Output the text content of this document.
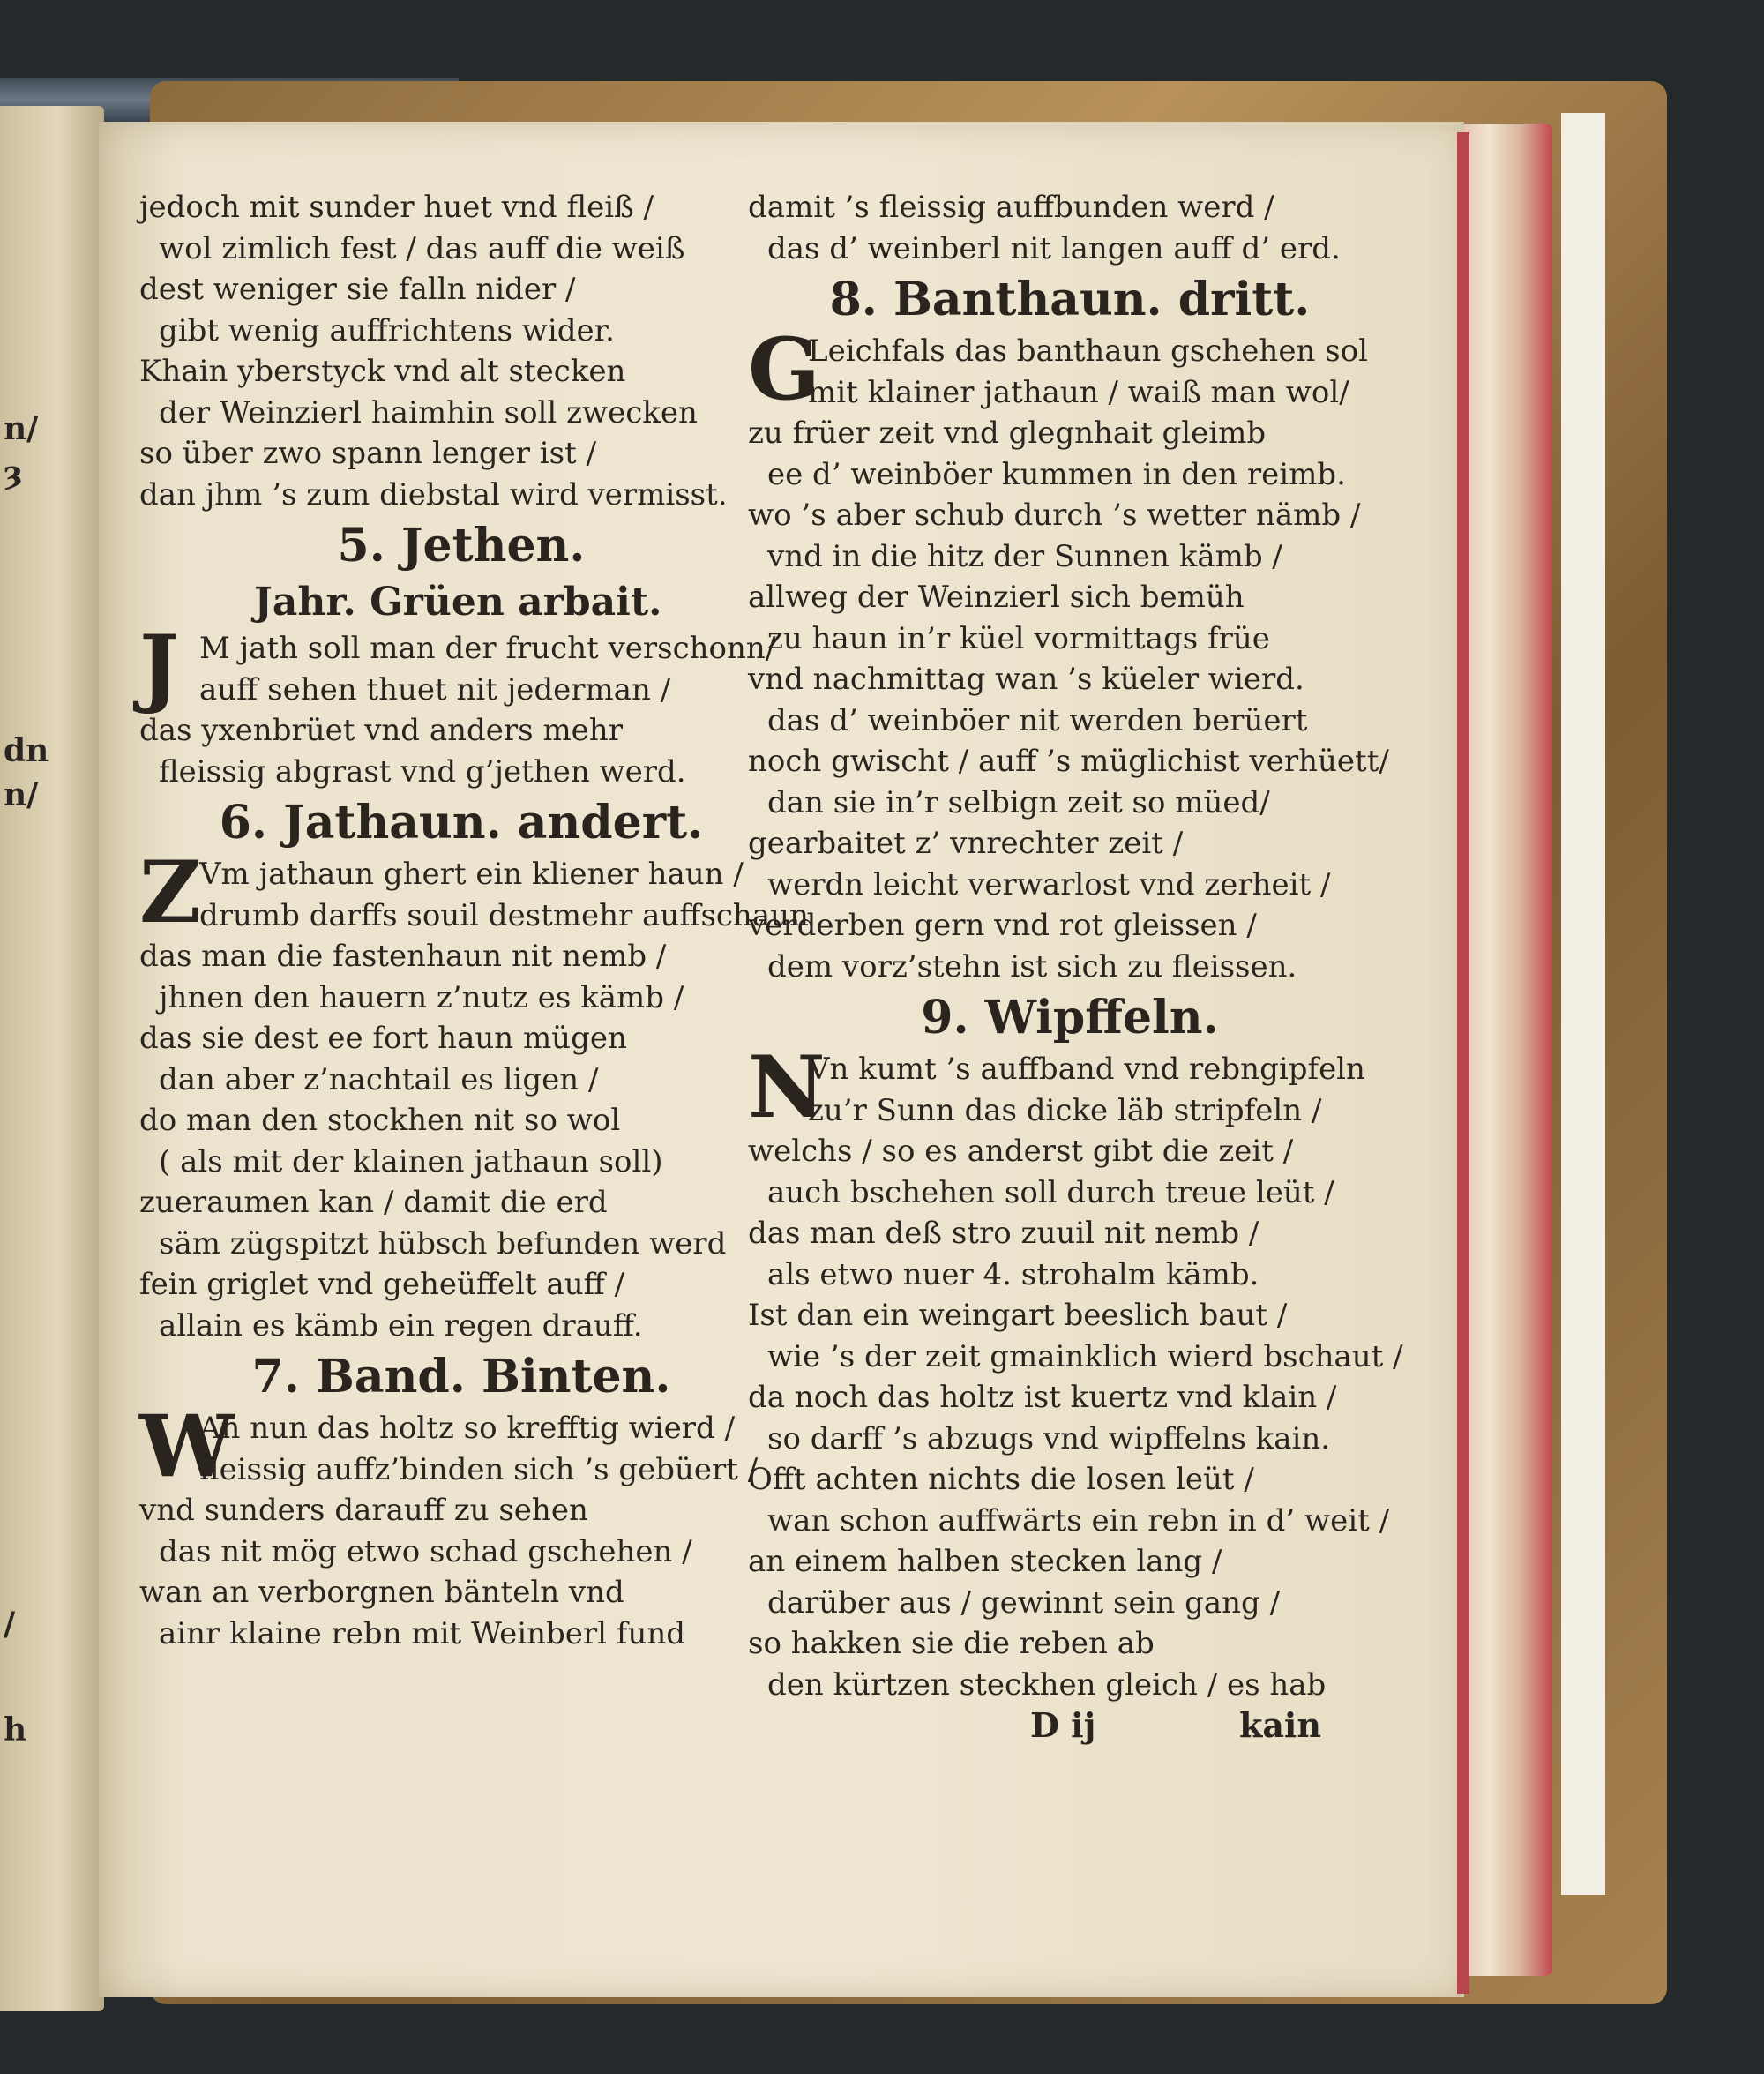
n/
ȝ
dn
n/
/
h
jedoch mit sunder huet vnd fleiß /
wol zimlich fest / das auff die weiß
dest weniger sie falln nider /
gibt wenig auffrichtens wider.
Khain yberstyck vnd alt stecken
der Weinzierl haimhin soll zwecken
so über zwo spann lenger ist /
dan jhm ’s zum diebstal wird vermisst.
5. Jethen.
Jahr. Grüen arbait.
J M jath soll man der frucht verschonn/
auff sehen thuet nit jederman /
das yxenbrüet vnd anders mehr
fleissig abgrast vnd g’jethen werd.
6. Jathaun. andert.
Z
Vm jathaun ghert ein kliener haun /
drumb darffs souil destmehr auffschaun
das man die fastenhaun nit nemb /
jhnen den hauern z’nutz es kämb /
das sie dest ee fort haun mügen
dan aber z’nachtail es ligen /
do man den stockhen nit so wol
( als mit der klainen jathaun soll)
zueraumen kan / damit die erd
säm zügspitzt hübsch befunden werd
fein griglet vnd geheüffelt auff /
allain es kämb ein regen drauff.
7. Band. Binten.
W
An nun das holtz so krefftig wierd /
fleissig auffz’binden sich ’s gebüert /
vnd sunders darauff zu sehen
das nit mög etwo schad gschehen /
wan an verborgnen bänteln vnd
ainr klaine rebn mit Weinberl fund
damit ’s fleissig auffbunden werd /
das d’ weinberl nit langen auff d’ erd.
8. Banthaun. dritt.
G
Leichfals das banthaun gschehen sol
mit klainer jathaun / waiß man wol/
zu früer zeit vnd glegnhait gleimb
ee d’ weinböer kummen in den reimb.
wo ’s aber schub durch ’s wetter nämb /
vnd in die hitz der Sunnen kämb /
allweg der Weinzierl sich bemüh
zu haun in’r küel vormittags früe
vnd nachmittag wan ’s küeler wierd.
das d’ weinböer nit werden berüert
noch gwischt / auff ’s müglichist verhüett/
dan sie in’r selbign zeit so müed/
gearbaitet z’ vnrechter zeit /
werdn leicht verwarlost vnd zerheit /
verderben gern vnd rot gleissen /
dem vorz’stehn ist sich zu fleissen.
9. Wipffeln.
N
Vn kumt ’s auffband vnd rebngipfeln
zu’r Sunn das dicke läb stripfeln /
welchs / so es anderst gibt die zeit /
auch bschehen soll durch treue leüt /
das man deß stro zuuil nit nemb /
als etwo nuer 4. strohalm kämb.
Ist dan ein weingart beeslich baut /
wie ’s der zeit gmainklich wierd bschaut /
da noch das holtz ist kuertz vnd klain /
so darff ’s abzugs vnd wipffelns kain.
Offt achten nichts die losen leüt /
wan schon auffwärts ein rebn in d’ weit /
an einem halben stecken lang /
darüber aus / gewinnt sein gang /
so hakken sie die reben ab
den kürtzen steckhen gleich / es hab
D ij	kain
